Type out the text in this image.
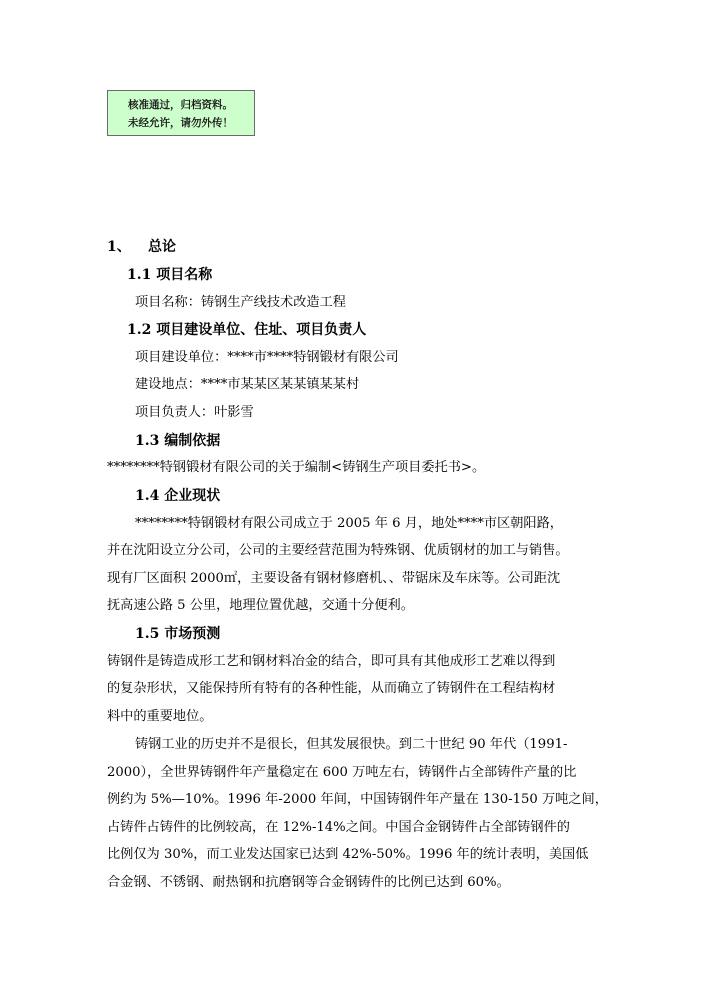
核准通过，归档资料。
未经允许，请勿外传！
1、 总论
1.1 项目名称
项目名称：铸钢生产线技术改造工程
1.2 项目建设单位、住址、项目负责人
项目建设单位：****市****特钢锻材有限公司
建设地点：****市某某区某某镇某某村
项目负责人：叶影雪
1.3 编制依据
********特钢锻材有限公司的关于编制<铸钢生产项目委托书>。
1.4 企业现状
********特钢锻材有限公司成立于 2005 年 6 月，地处****市区朝阳路，
并在沈阳设立分公司，公司的主要经营范围为特殊钢、优质钢材的加工与销售。
现有厂区面积 2000㎡，主要设备有钢材修磨机、、带锯床及车床等。公司距沈
抚高速公路 5 公里，地理位置优越，交通十分便利。
1.5 市场预测
铸钢件是铸造成形工艺和钢材料冶金的结合，即可具有其他成形工艺难以得到
的复杂形状，又能保持所有特有的各种性能，从而确立了铸钢件在工程结构材
料中的重要地位。
铸钢工业的历史并不是很长，但其发展很快。到二十世纪 90 年代（1991-
2000），全世界铸钢件年产量稳定在 600 万吨左右，铸钢件占全部铸件产量的比
例约为 5%—10%。1996 年-2000 年间，中国铸钢件年产量在 130-150 万吨之间，
占铸件占铸件的比例较高，在 12%-14%之间。中国合金钢铸件占全部铸钢件的
比例仅为 30%，而工业发达国家已达到 42%-50%。1996 年的统计表明，美国低
合金钢、不锈钢、耐热钢和抗磨钢等合金钢铸件的比例已达到 60%。
